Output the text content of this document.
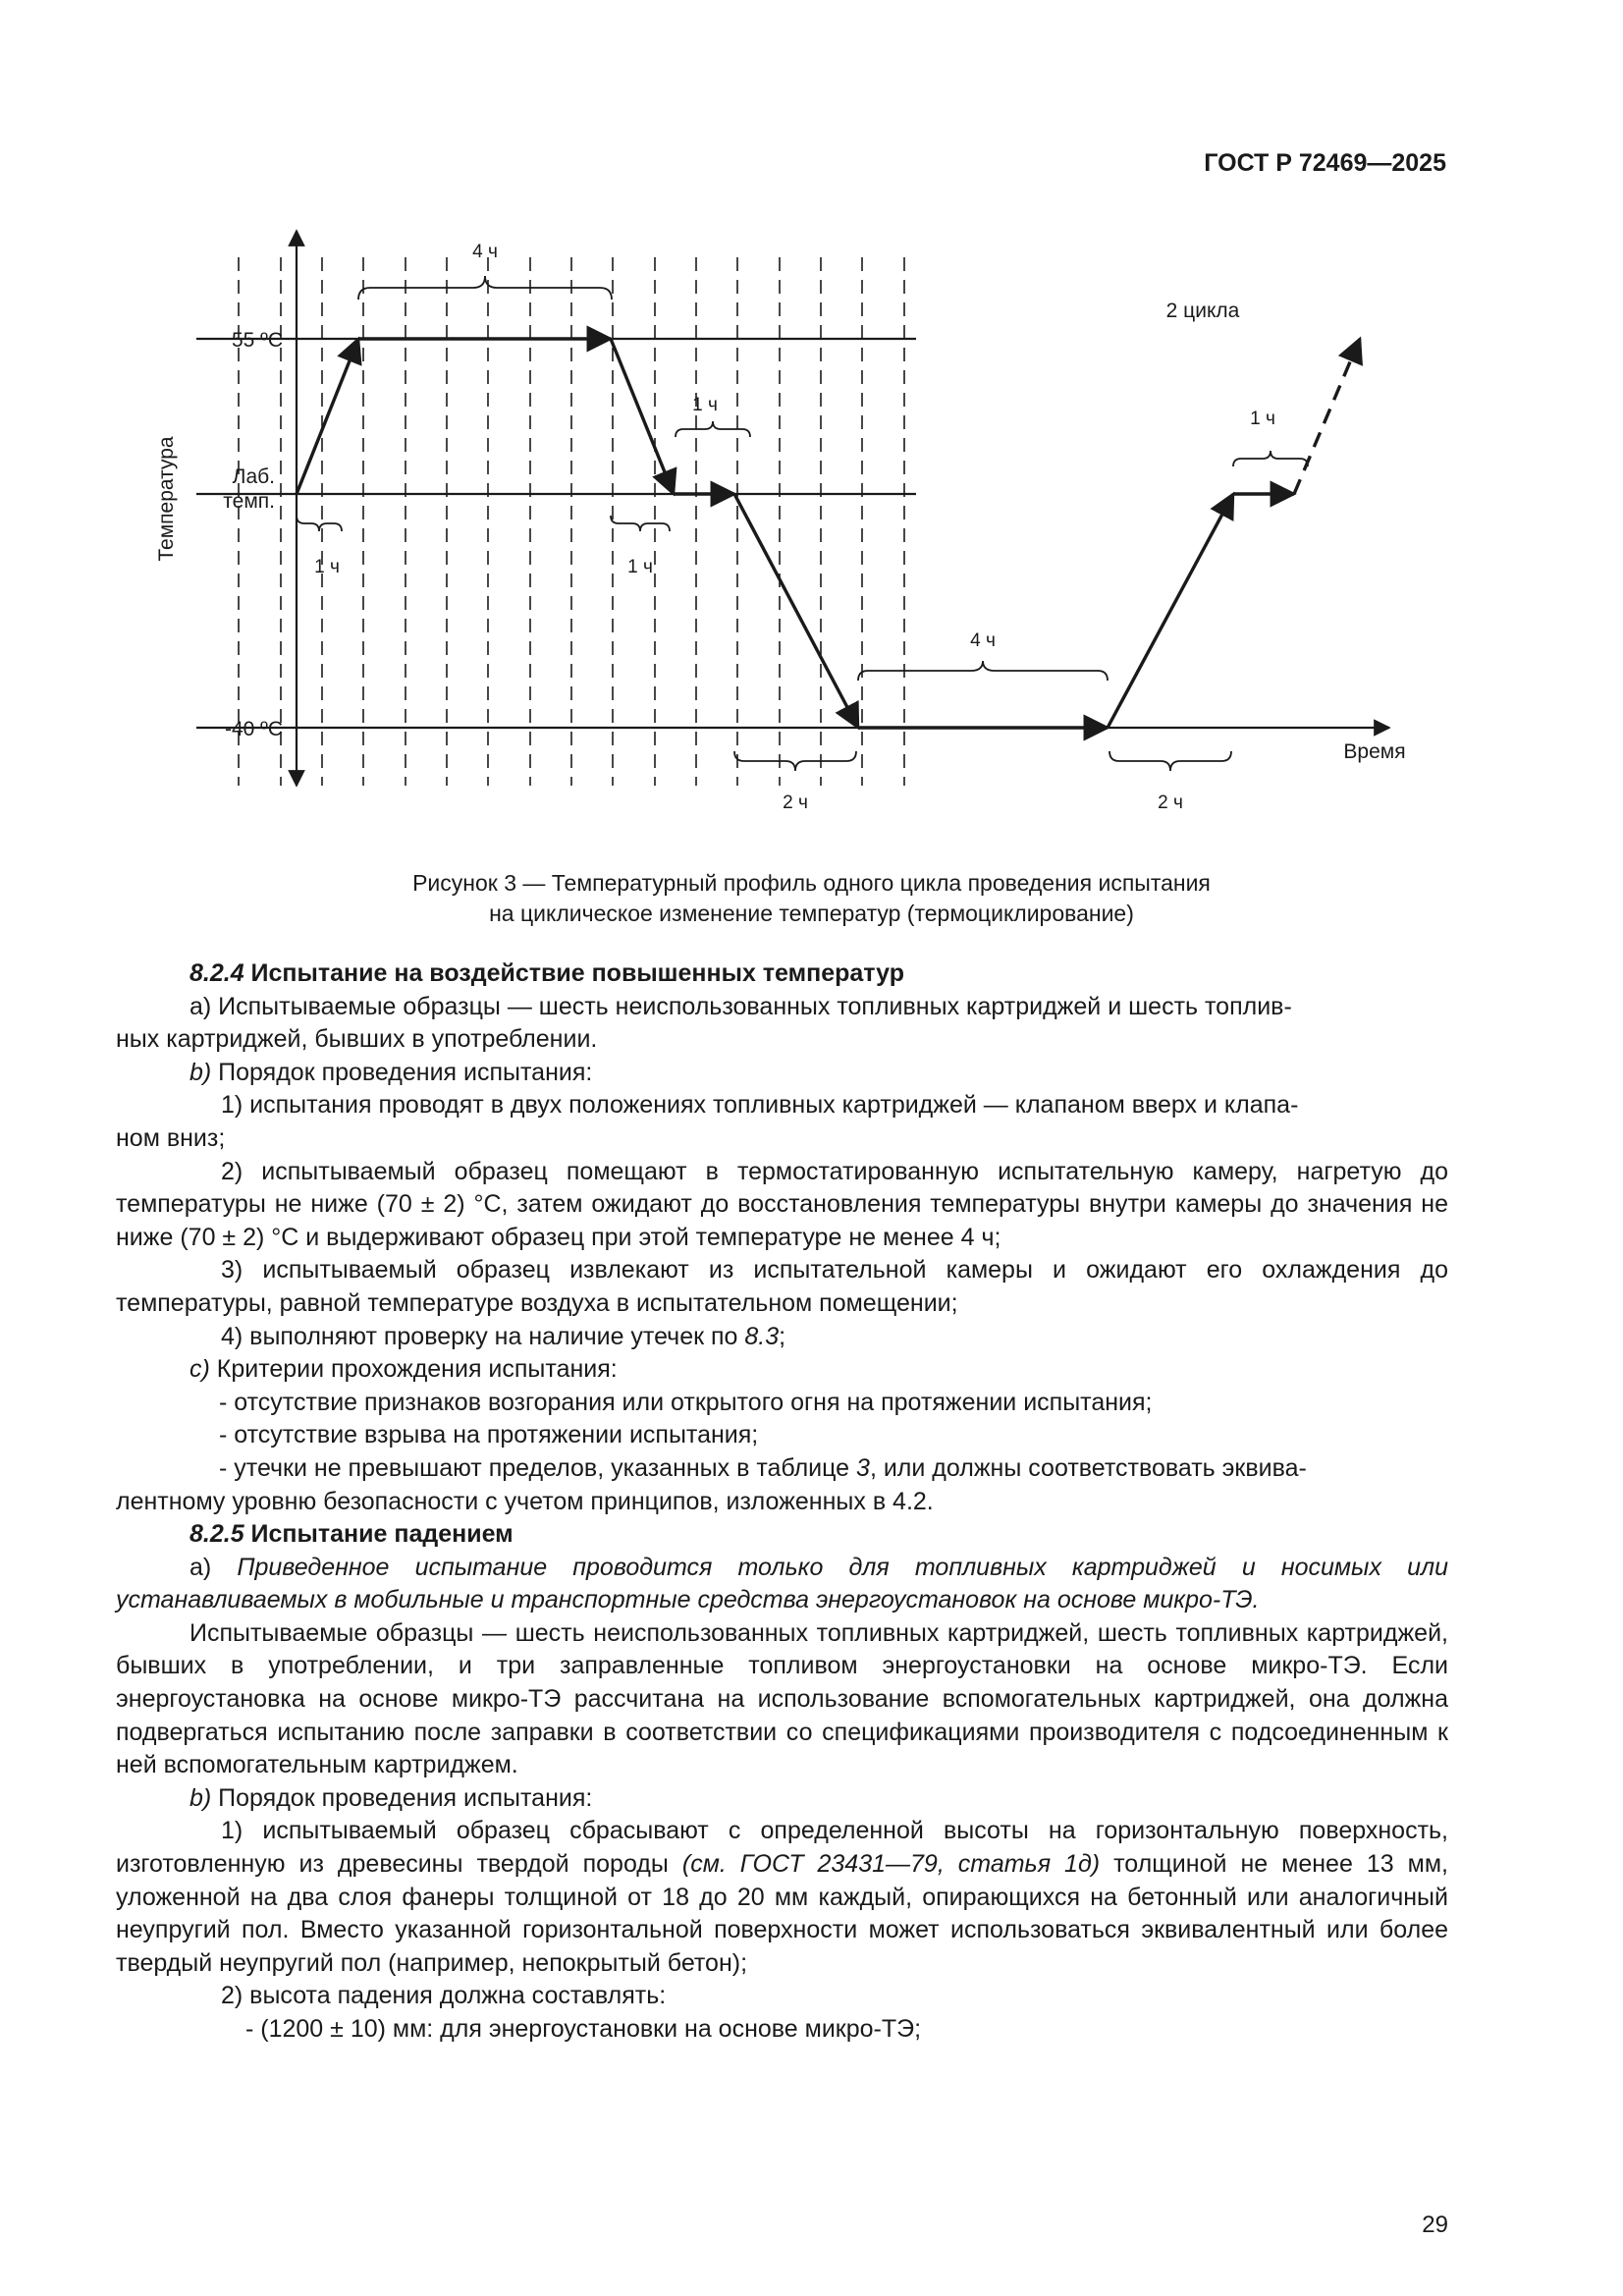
ГОСТ Р 72469—2025
Температура
Время
55 ºС
Лаб.
темп.
-40 ºС
2 цикла
4 ч
1 ч
1 ч
4 ч
1 ч	1 ч
2 ч	2 ч
Рисунок 3 — Температурный профиль одного цикла проведения испытания
на циклическое изменение температур (термоциклирование)

8.2.4 Испытание на воздействие повышенных температур

а) Испытываемые образцы — шесть неиспользованных топливных картриджей и шесть топлив-

ных картриджей, бывших в употреблении.

b) Порядок проведения испытания:

1) испытания проводят в двух положениях топливных картриджей — клапаном вверх и клапа-

ном вниз;

2) испытываемый образец помещают в термостатированную испытательную камеру, нагретую до температуры не ниже (70 ± 2) °С, затем ожидают до восстановления температуры внутри камеры до значения не ниже (70 ± 2) °С и выдерживают образец при этой температуре не менее 4 ч;

3) испытываемый образец извлекают из испытательной камеры и ожидают его охлаждения до температуры, равной температуре воздуха в испытательном помещении;

4) выполняют проверку на наличие утечек по 8.3;

c) Критерии прохождения испытания:

- отсутствие признаков возгорания или открытого огня на протяжении испытания;

- отсутствие взрыва на протяжении испытания;

- утечки не превышают пределов, указанных в таблице 3, или должны соответствовать эквива-

лентному уровню безопасности с учетом принципов, изложенных в 4.2.

8.2.5 Испытание падением

а) Приведенное испытание проводится только для топливных картриджей и носимых или устанавливаемых в мобильные и транспортные средства энергоустановок на основе микро-ТЭ.

Испытываемые образцы — шесть неиспользованных топливных картриджей, шесть топливных картриджей, бывших в употреблении, и три заправленные топливом энергоустановки на основе микро-ТЭ. Если энергоустановка на основе микро-ТЭ рассчитана на использование вспомогательных картриджей, она должна подвергаться испытанию после заправки в соответствии со спецификациями производителя с подсоединенным к ней вспомогательным картриджем.

b) Порядок проведения испытания:

1) испытываемый образец сбрасывают с определенной высоты на горизонтальную поверхность, изготовленную из древесины твердой породы (см. ГОСТ 23431—79, статья 1д) толщиной не менее 13 мм, уложенной на два слоя фанеры толщиной от 18 до 20 мм каждый, опирающихся на бетонный или аналогичный неупругий пол. Вместо указанной горизонтальной поверхности может использоваться эквивалентный или более твердый неупругий пол (например, непокрытый бетон);

2) высота падения должна составлять:

- (1200 ± 10) мм: для энергоустановки на основе микро-ТЭ;

29
